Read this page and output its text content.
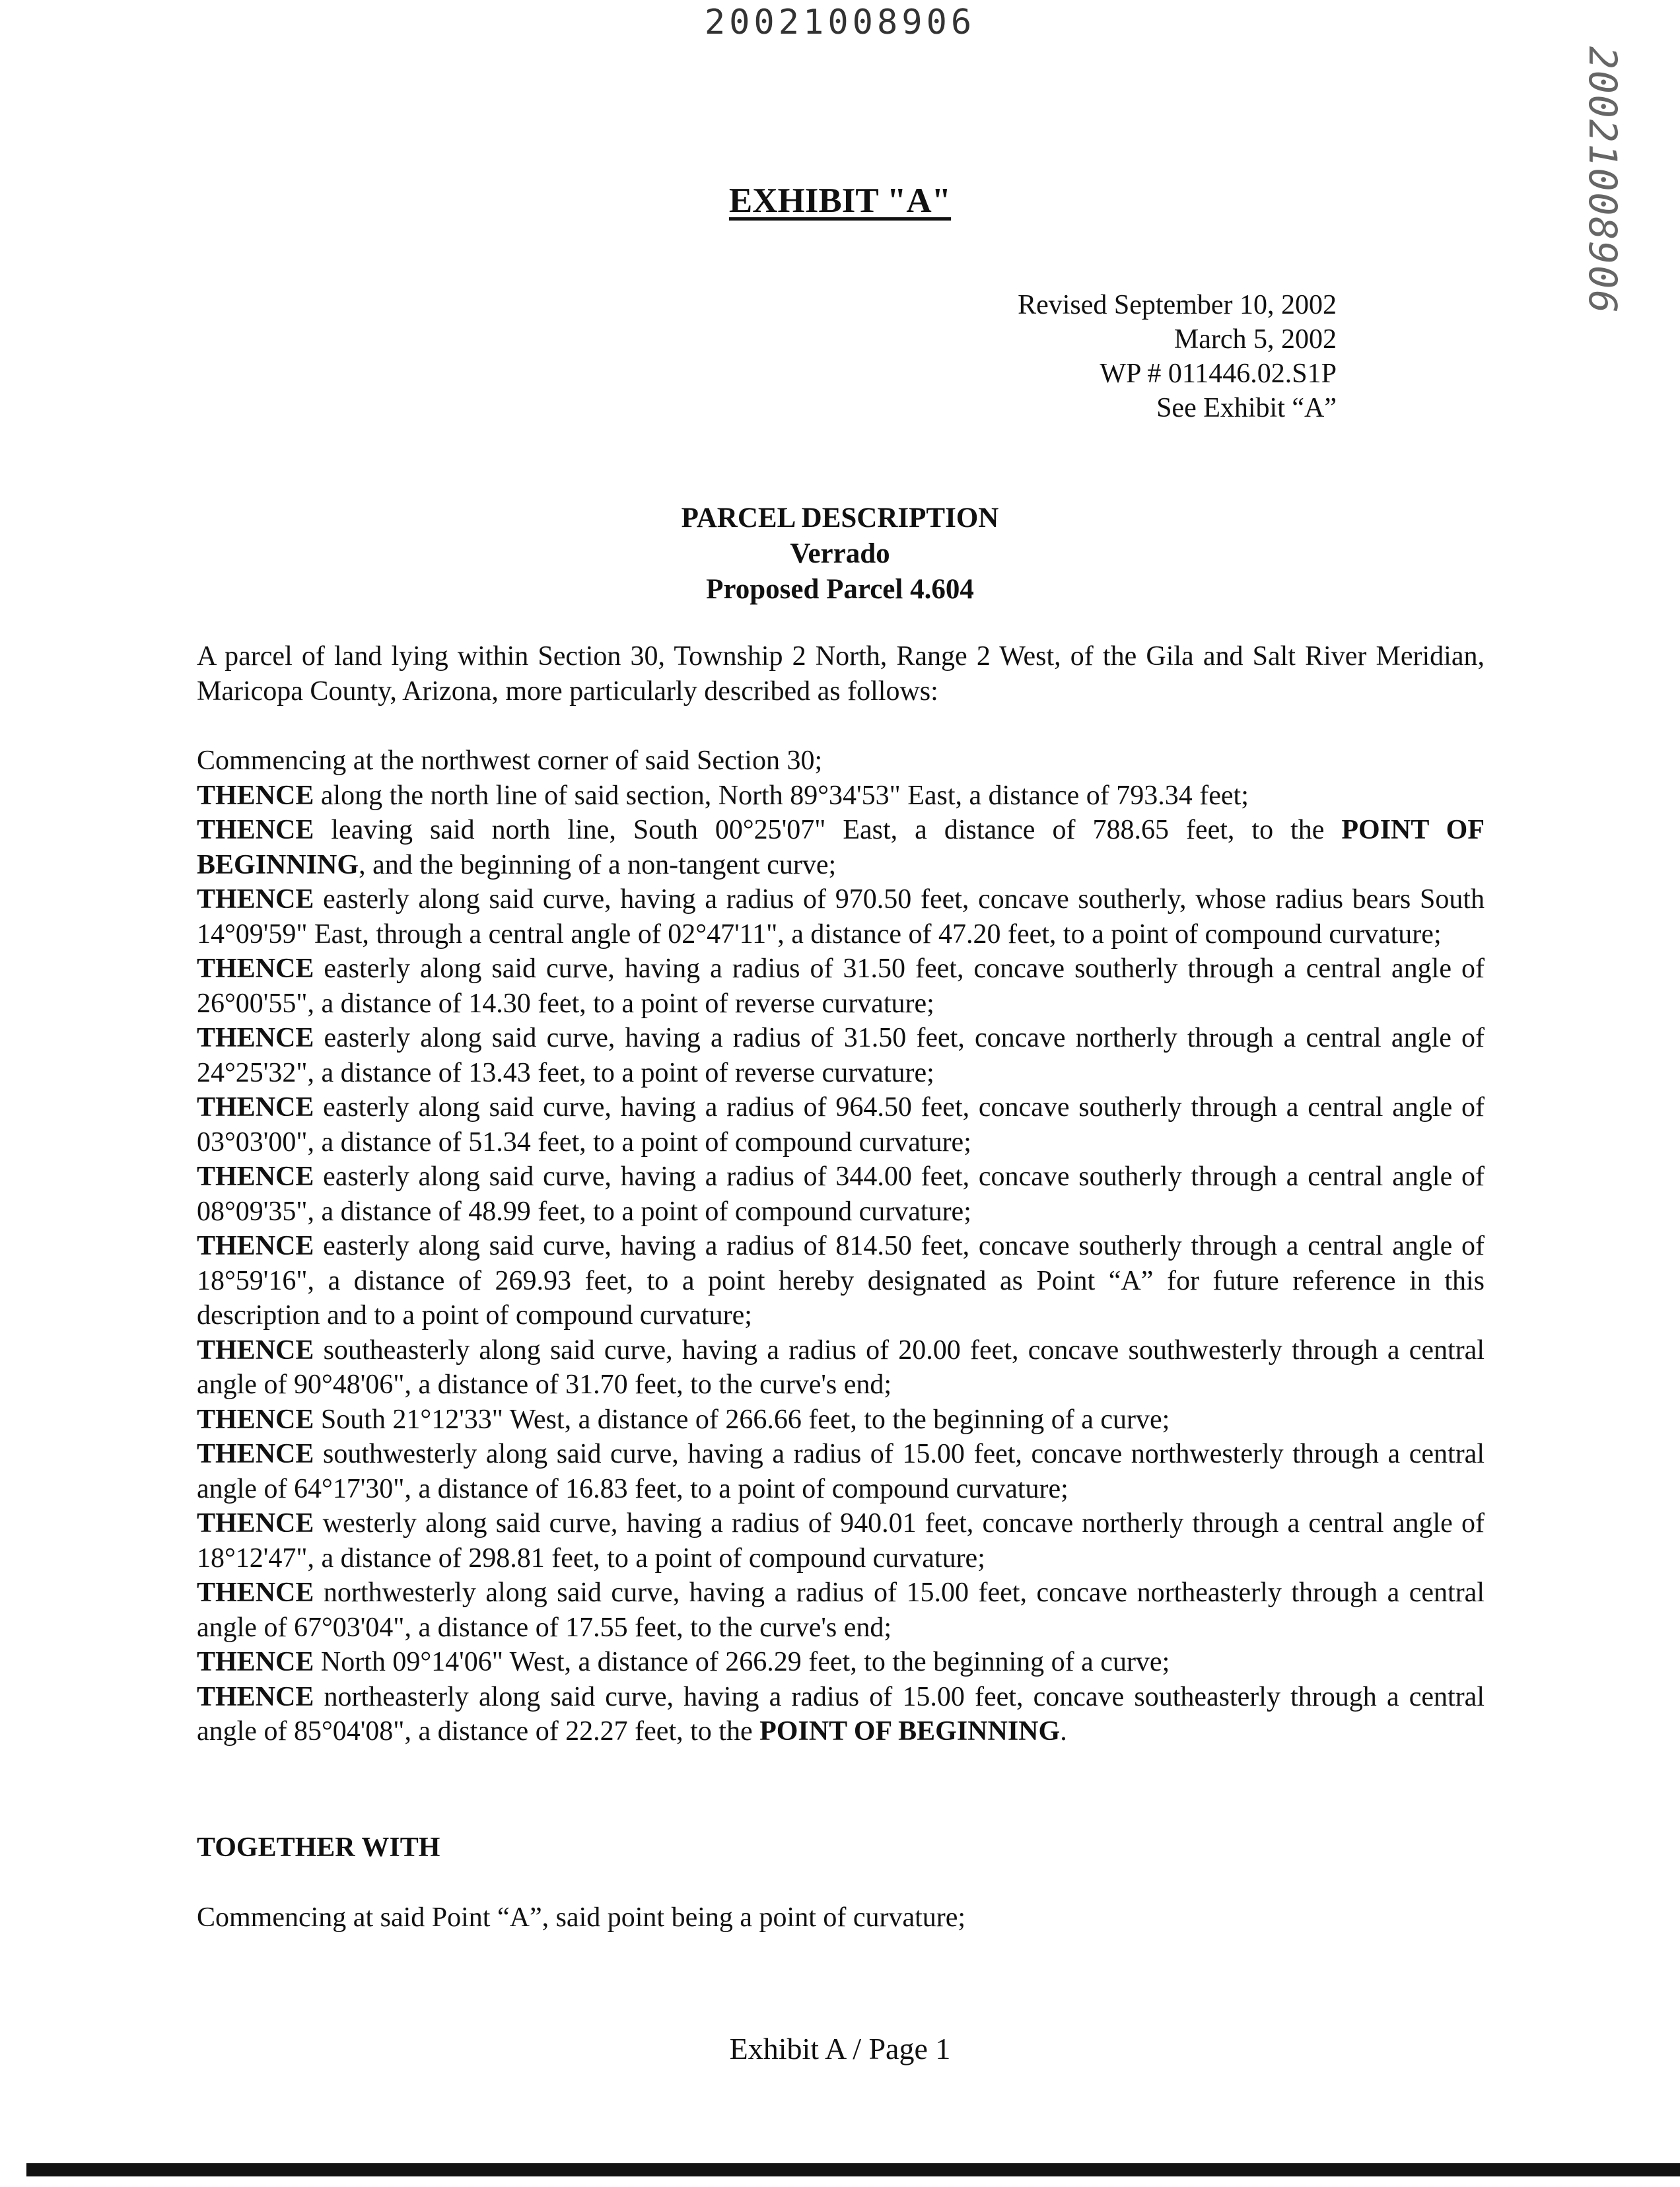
20021008906
20021008906
EXHIBIT "A"
Revised September 10, 2002
March 5, 2002
WP # 011446.02.S1P
See Exhibit “A”
PARCEL DESCRIPTION
Verrado
Proposed Parcel 4.604

A parcel of land lying within Section 30, Township 2 North, Range 2 West, of the Gila and Salt River Meridian, Maricopa County, Arizona, more particularly described as follows:

Commencing at the northwest corner of said Section 30;

THENCE along the north line of said section, North 89°34'53" East, a distance of 793.34 feet;

THENCE leaving said north line, South 00°25'07" East, a distance of 788.65 feet, to the POINT OF BEGINNING, and the beginning of a non-tangent curve;

THENCE easterly along said curve, having a radius of 970.50 feet, concave southerly, whose radius bears South 14°09'59" East, through a central angle of 02°47'11", a distance of 47.20 feet, to a point of compound curvature;

THENCE easterly along said curve, having a radius of 31.50 feet, concave southerly through a central angle of 26°00'55", a distance of 14.30 feet, to a point of reverse curvature;

THENCE easterly along said curve, having a radius of 31.50 feet, concave northerly through a central angle of 24°25'32", a distance of 13.43 feet, to a point of reverse curvature;

THENCE easterly along said curve, having a radius of 964.50 feet, concave southerly through a central angle of 03°03'00", a distance of 51.34 feet, to a point of compound curvature;

THENCE easterly along said curve, having a radius of 344.00 feet, concave southerly through a central angle of 08°09'35", a distance of 48.99 feet, to a point of compound curvature;

THENCE easterly along said curve, having a radius of 814.50 feet, concave southerly through a central angle of 18°59'16", a distance of 269.93 feet, to a point hereby designated as Point “A” for future reference in this description and to a point of compound curvature;

THENCE southeasterly along said curve, having a radius of 20.00 feet, concave southwesterly through a central angle of 90°48'06", a distance of 31.70 feet, to the curve's end;

THENCE South 21°12'33" West, a distance of 266.66 feet, to the beginning of a curve;

THENCE southwesterly along said curve, having a radius of 15.00 feet, concave northwesterly through a central angle of 64°17'30", a distance of 16.83 feet, to a point of compound curvature;

THENCE westerly along said curve, having a radius of 940.01 feet, concave northerly through a central angle of 18°12'47", a distance of 298.81 feet, to a point of compound curvature;

THENCE northwesterly along said curve, having a radius of 15.00 feet, concave northeasterly through a central angle of 67°03'04", a distance of 17.55 feet, to the curve's end;

THENCE North 09°14'06" West, a distance of 266.29 feet, to the beginning of a curve;

THENCE northeasterly along said curve, having a radius of 15.00 feet, concave southeasterly through a central angle of 85°04'08", a distance of 22.27 feet, to the POINT OF BEGINNING.

TOGETHER WITH
Commencing at said Point “A”, said point being a point of curvature;
Exhibit A / Page 1
